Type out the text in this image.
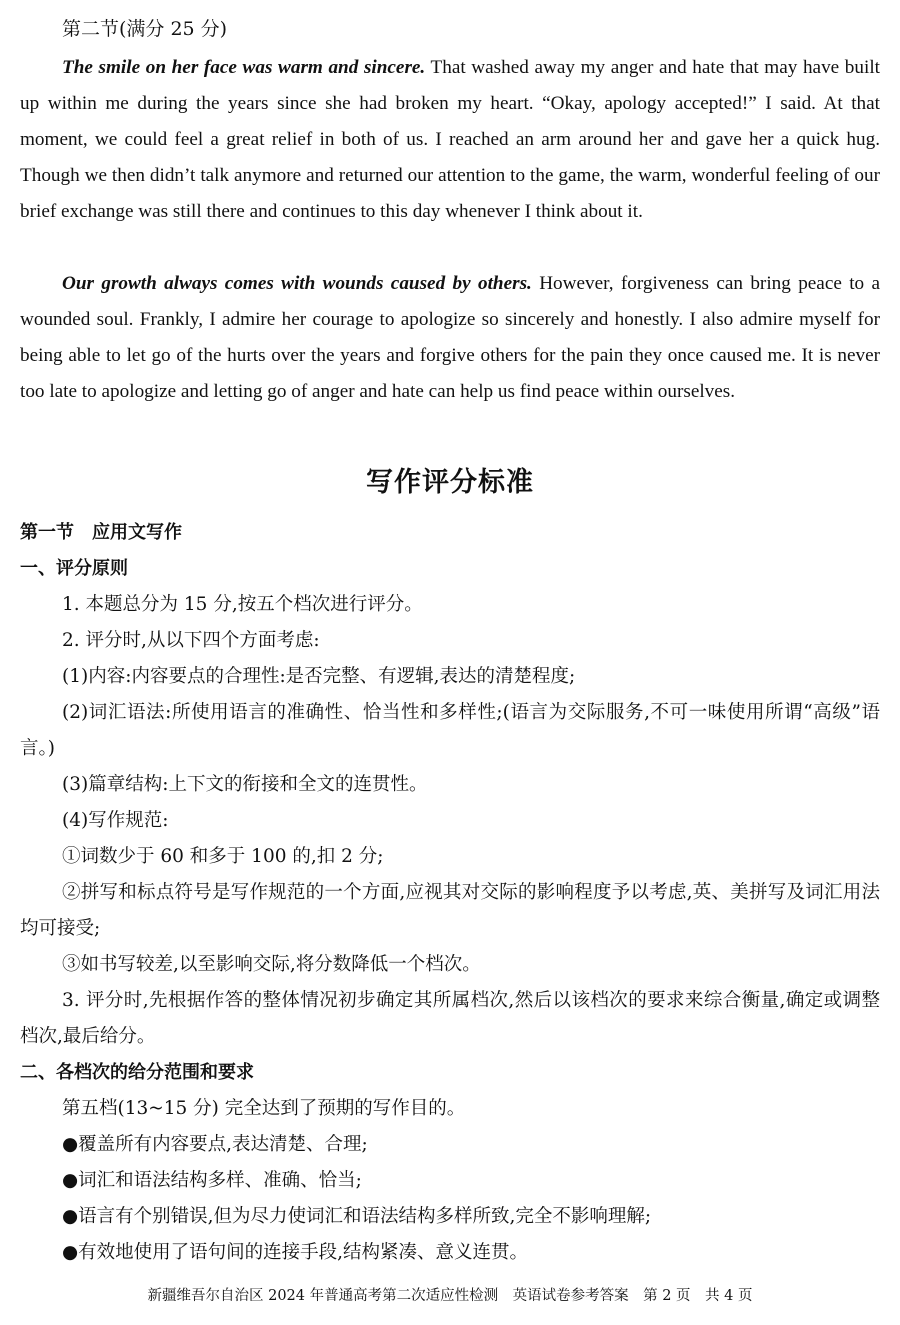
第二节(满分 25 分)

The smile on her face was warm and sincere. That washed away my anger and hate that may have built up within me during the years since she had broken my heart. “Okay, apology accepted!” I said. At that moment, we could feel a great relief in both of us. I reached an arm around her and gave her a quick hug. Though we then didn’t talk anymore and returned our attention to the game, the warm, wonderful feeling of our brief exchange was still there and continues to this day whenever I think about it.

Our growth always comes with wounds caused by others. However, forgiveness can bring peace to a wounded soul. Frankly, I admire her courage to apologize so sincerely and honestly. I also admire myself for being able to let go of the hurts over the years and forgive others for the pain they once caused me. It is never too late to apologize and letting go of anger and hate can help us find peace within ourselves.

写作评分标准

第一节　应用文写作

一、评分原则

1. 本题总分为 15 分,按五个档次进行评分。

2. 评分时,从以下四个方面考虑:

(1)内容:内容要点的合理性:是否完整、有逻辑,表达的清楚程度;

(2)词汇语法:所使用语言的准确性、恰当性和多样性;(语言为交际服务,不可一味使用所谓“高级”语言。)

(3)篇章结构:上下文的衔接和全文的连贯性。

(4)写作规范:

①词数少于 60 和多于 100 的,扣 2 分;

②拼写和标点符号是写作规范的一个方面,应视其对交际的影响程度予以考虑,英、美拼写及词汇用法均可接受;

③如书写较差,以至影响交际,将分数降低一个档次。

3. 评分时,先根据作答的整体情况初步确定其所属档次,然后以该档次的要求来综合衡量,确定或调整档次,最后给分。

二、各档次的给分范围和要求

第五档(13~15 分) 完全达到了预期的写作目的。

●覆盖所有内容要点,表达清楚、合理;

●词汇和语法结构多样、准确、恰当;

●语言有个别错误,但为尽力使词汇和语法结构多样所致,完全不影响理解;

●有效地使用了语句间的连接手段,结构紧凑、意义连贯。

新疆维吾尔自治区 2024 年普通高考第二次适应性检测　英语试卷参考答案　第 2 页　共 4 页
